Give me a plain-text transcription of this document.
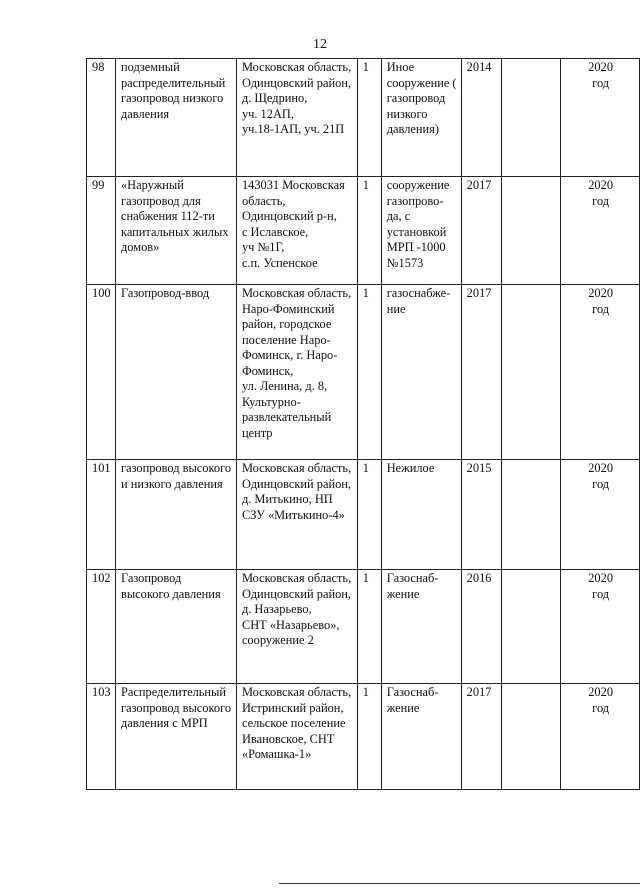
12
98	подземный распределительный газопровод низкого давления	Московская область,
Одинцовский район,
д. Щедрино,
уч. 12АП,
уч.18-1АП, уч. 21П	1	Иное сооружение ( газопровод низкого давления)	2014		2020
год
99	«Наружный газопровод для снабжения 112-ти капитальных жилых домов»	143031 Московская область,
Одинцовский р-н,
с Иславское,
уч №1Г,
с.п. Успенское	1	сооружение газопрово-да, с установкой МРП -1000 №1573	2017		2020
год
100	Газопровод-ввод	Московская область, Наро-Фоминский район, городское поселение Наро-Фоминск, г. Наро-Фоминск,
ул. Ленина, д. 8, Культурно-развлекательный центр	1	газоснабже-ние	2017		2020
год
101	газопровод высокого и низкого давления	Московская область,
Одинцовский район,
д. Митькино, НП СЗУ «Митькино-4»	1	Нежилое	2015		2020
год
102	Газопровод высокого давления	Московская область,
Одинцовский район,
д. Назарьево,
СНТ «Назарьево», сооружение 2	1	Газоснаб-жение	2016		2020
год
103	Распределительный газопровод высокого давления с МРП	Московская область,
Истринский район, сельское поселение Ивановское, СНТ «Ромашка-1»	1	Газоснаб-жение	2017		2020
год
